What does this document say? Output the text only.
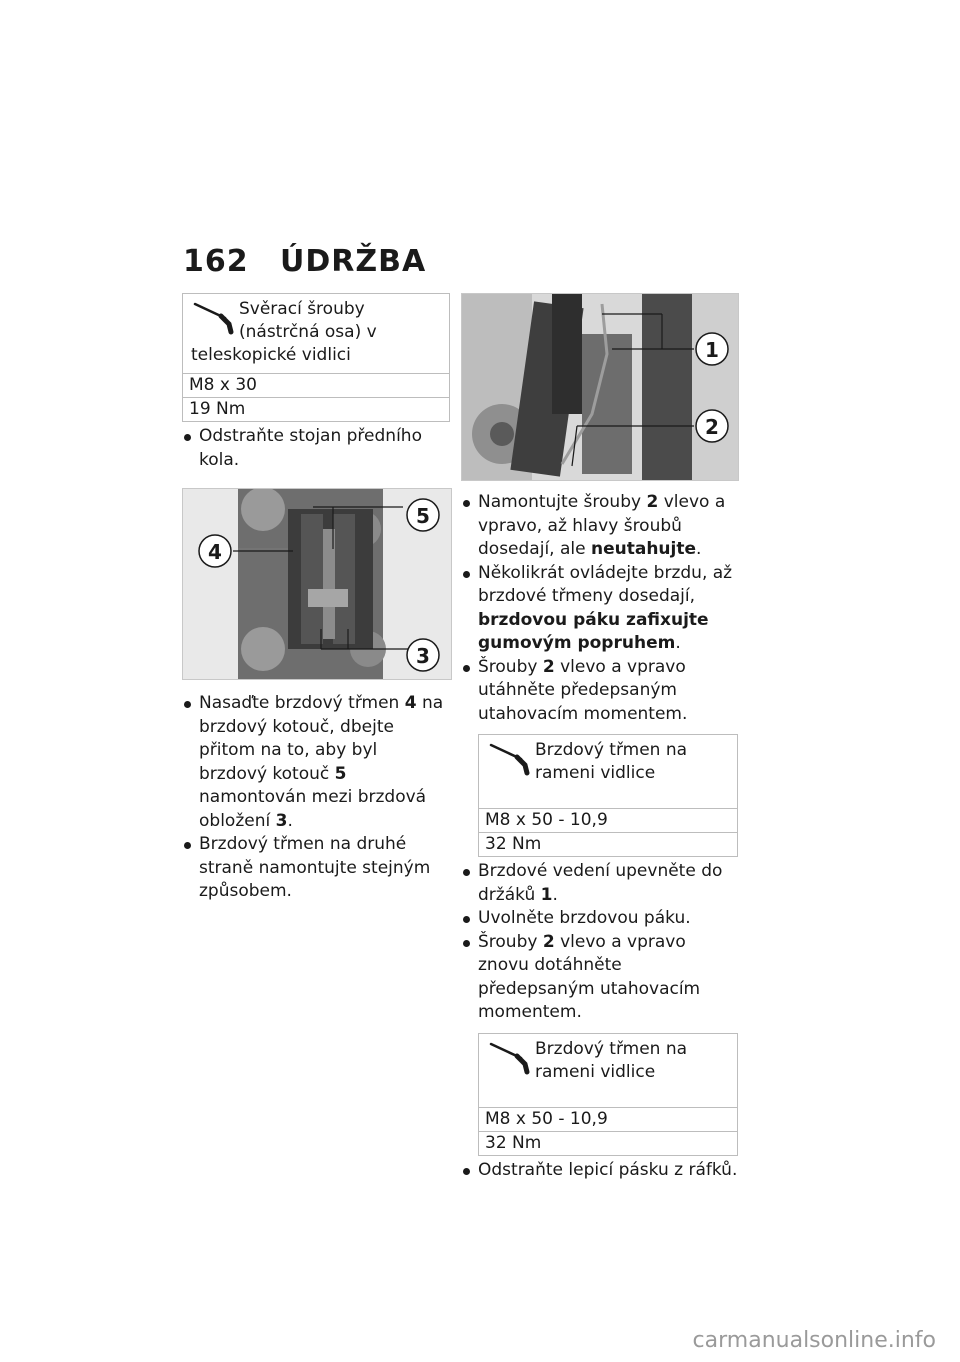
162 ÚDRŽBA
Svěrací šrouby (nástrčná osa) v teleskopické vidlici
M8 x 30
19 Nm

Odstraňte stojan předního kola.

4
5
3

Nasaďte brzdový třmen 4 na brzdový kotouč, dbejte přitom na to, aby byl brzdový kotouč 5 namontován mezi brzdová obložení 3.

Brzdový třmen na druhé straně namontujte stejným způsobem.

1
2

Namontujte šrouby 2 vlevo a vpravo, až hlavy šroubů dosedají, ale neutahujte.

Několikrát ovládejte brzdu, až brzdové třmeny dosedají, brzdovou páku zafixujte gumovým popruhem.

Šrouby 2 vlevo a vpravo utáhněte předepsaným utahovacím momentem.

Brzdový třmen na rameni vidlice
M8 x 50 - 10,9
32 Nm

Brzdové vedení upevněte do držáků 1.

Uvolněte brzdovou páku.

Šrouby 2 vlevo a vpravo znovu dotáhněte předepsaným utahovacím momentem.

Brzdový třmen na rameni vidlice
M8 x 50 - 10,9
32 Nm

Odstraňte lepicí pásku z ráfků.

carmanualsonline.info
